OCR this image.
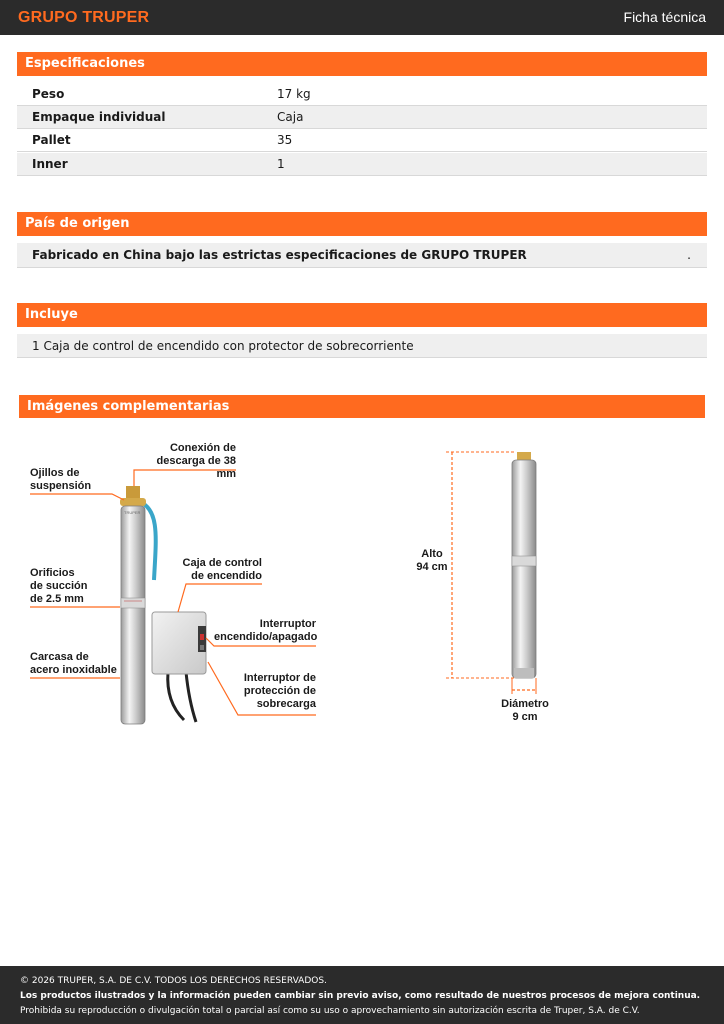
GRUPO TRUPER	Ficha técnica
Especificaciones
Peso	17 kg
Empaque individual	Caja
Pallet	35
Inner	1
País de origen
Fabricado en China bajo las estrictas especificaciones de GRUPO TRUPER	.
Incluye
1 Caja de control de encendido con protector de sobrecorriente
Imágenes complementarias
TRUPER
Conexión de
descarga de 38 mm
Ojillos de
suspensión
Orificios
de succión
de 2.5 mm
Carcasa de
acero inoxidable
Caja de control
de encendido
Interruptor
encendido/apagado
Interruptor de
protección de
sobrecarga
Alto
94 cm
Diámetro
9 cm
© 2026 TRUPER, S.A. DE C.V. TODOS LOS DERECHOS RESERVADOS.
Los productos ilustrados y la información pueden cambiar sin previo aviso, como resultado de nuestros procesos de mejora continua.
Prohibida su reproducción o divulgación total o parcial así como su uso o aprovechamiento sin autorización escrita de Truper, S.A. de C.V.
